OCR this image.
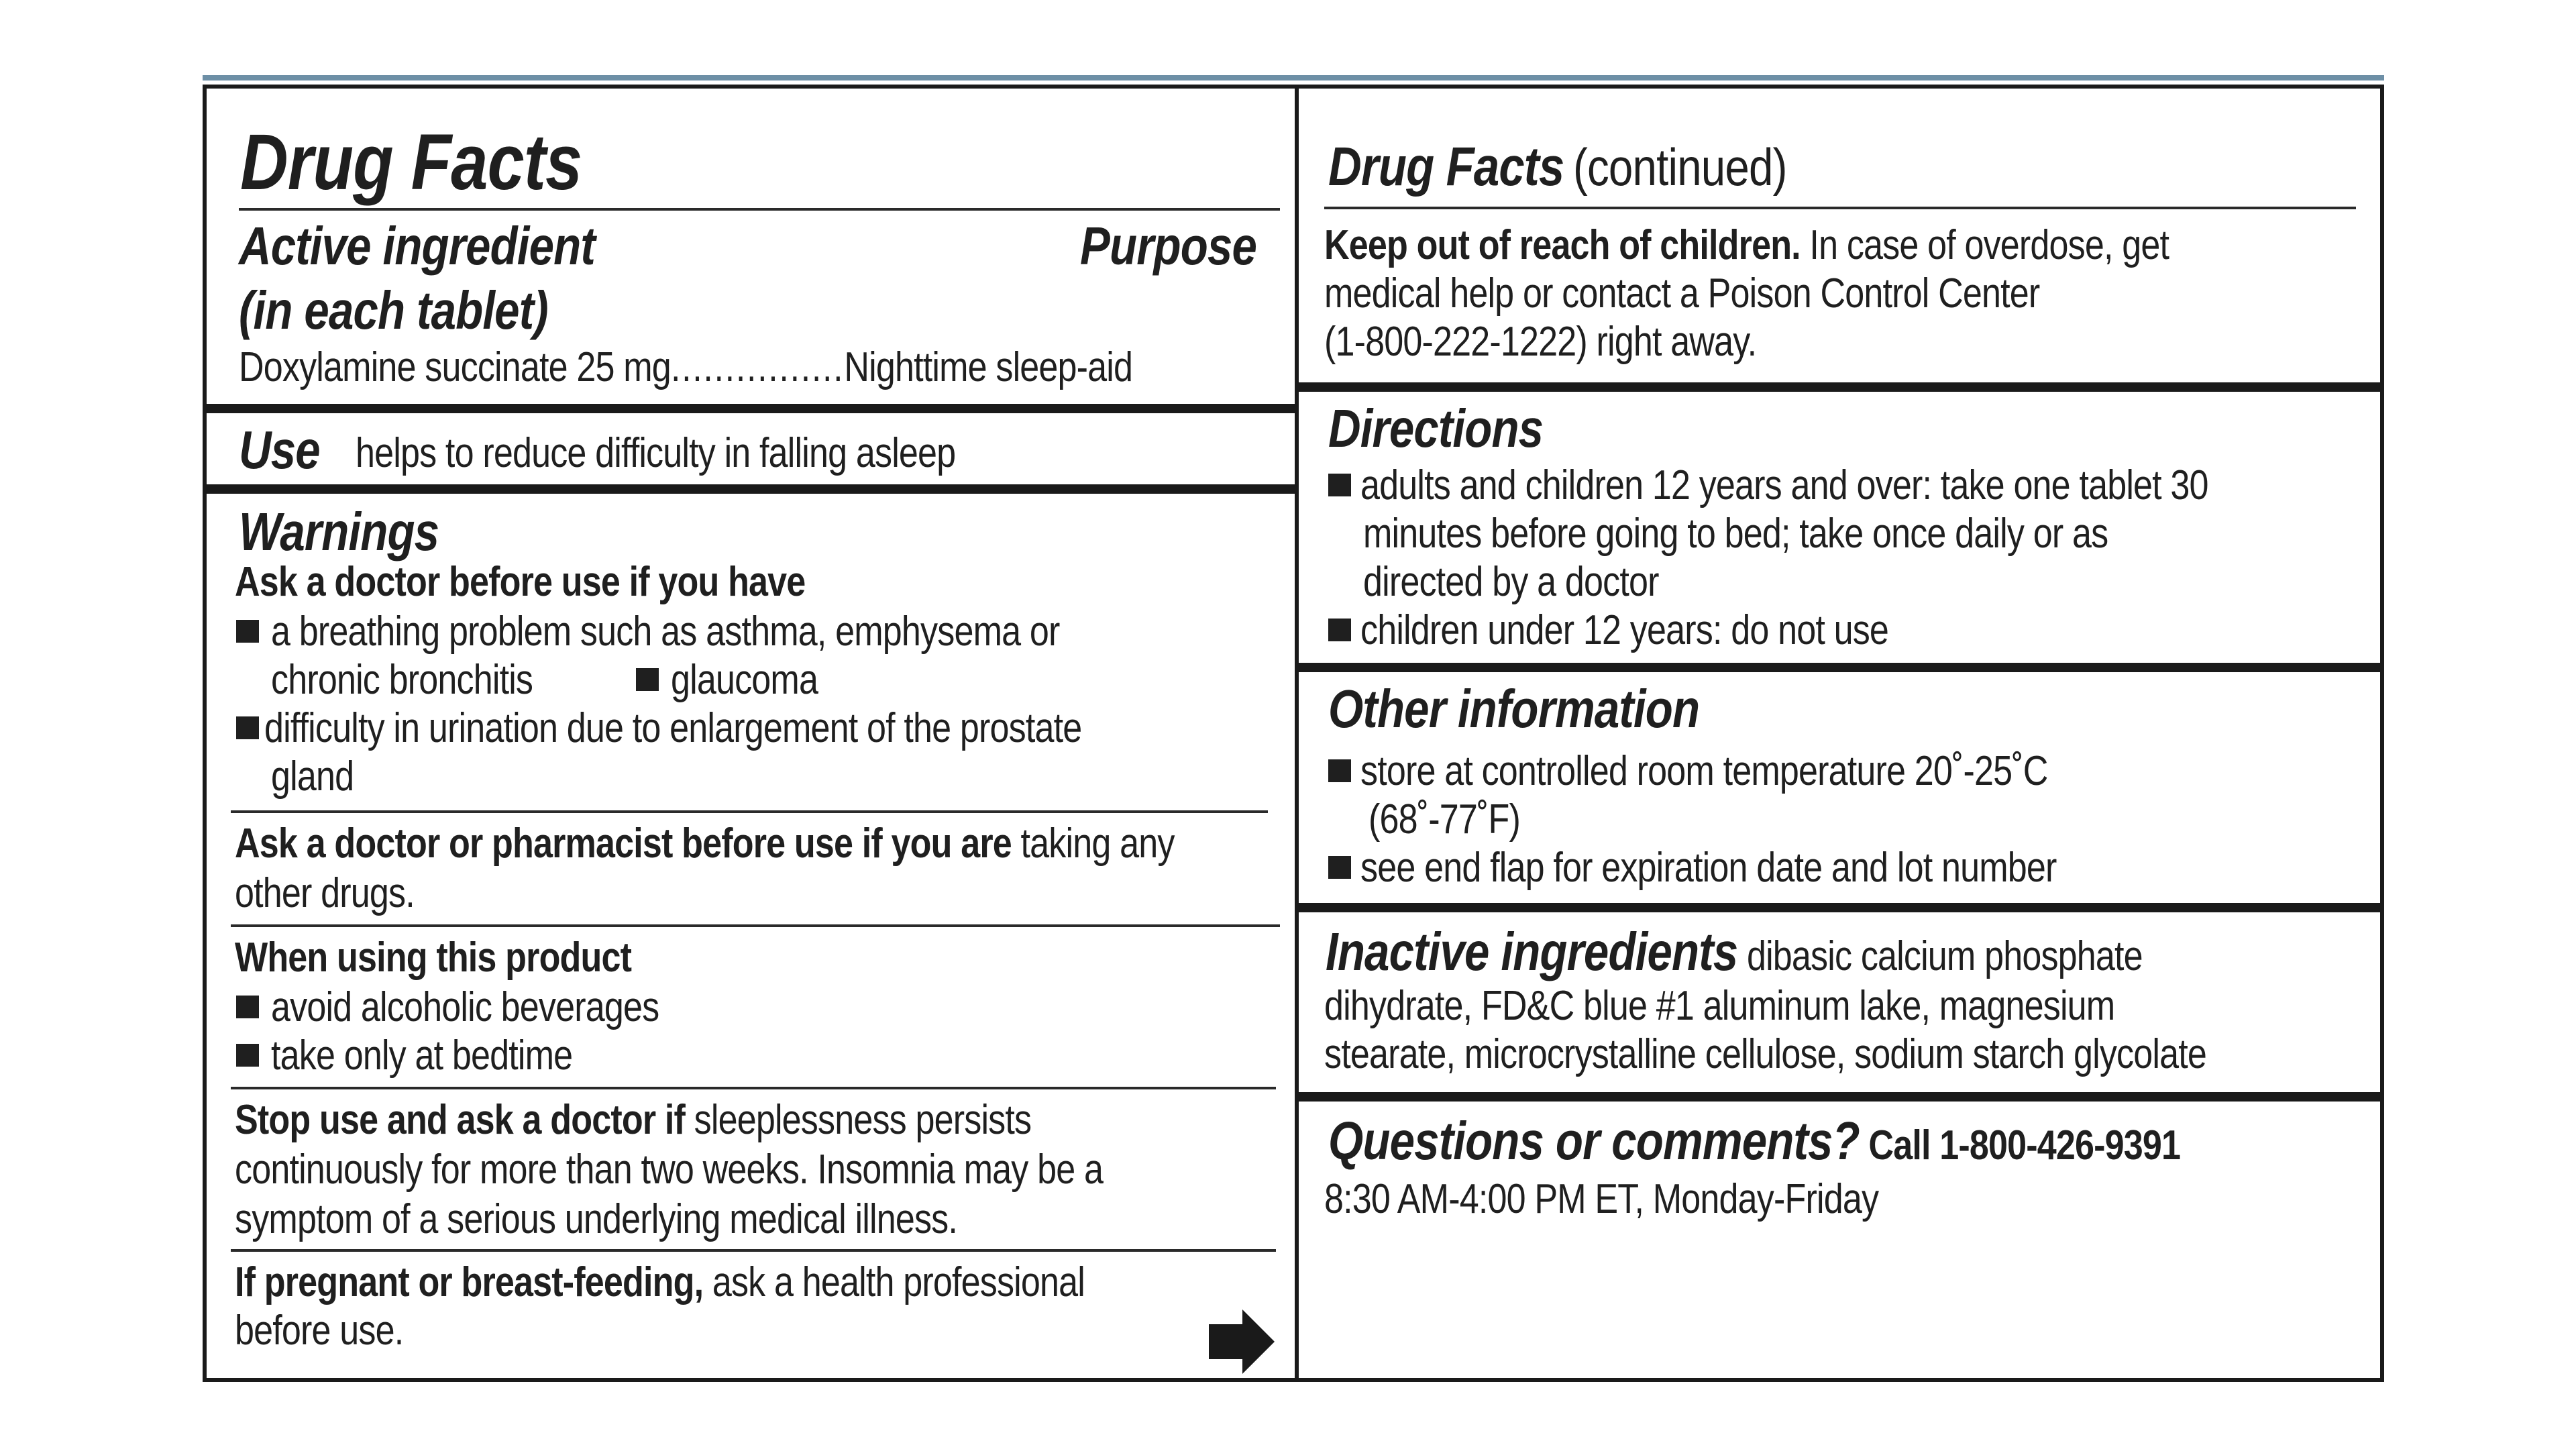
Drug Facts
Active ingredient
(in each tablet)
Purpose
Doxylamine succinate 25 mg................Nighttime sleep-aid
Use helps to reduce difficulty in falling asleep
Warnings
Ask a doctor before use if you have
a breathing problem such as asthma, emphysema or
chronic bronchitis	glaucoma
difficulty in urination due to enlargement of the prostate
gland
Ask a doctor or pharmacist before use if you are taking any
other drugs.
When using this product
avoid alcoholic beverages
take only at bedtime
Stop use and ask a doctor if sleeplessness persists
continuously for more than two weeks. Insomnia may be a
symptom of a serious underlying medical illness.
If pregnant or breast-feeding, ask a health professional
before use.
Drug Facts (continued)
Keep out of reach of children. In case of overdose, get
medical help or contact a Poison Control Center
(1-800-222-1222) right away.
Directions
adults and children 12 years and over: take one tablet 30
minutes before going to bed; take once daily or as
directed by a doctor
children under 12 years: do not use
Other information
store at controlled room temperature 20˚-25˚C
(68˚-77˚F)
see end flap for expiration date and lot number
Inactive ingredients dibasic calcium phosphate
dihydrate, FD&C blue #1 aluminum lake, magnesium
stearate, microcrystalline cellulose, sodium starch glycolate
Questions or comments? Call 1-800-426-9391
8:30 AM-4:00 PM ET, Monday-Friday
